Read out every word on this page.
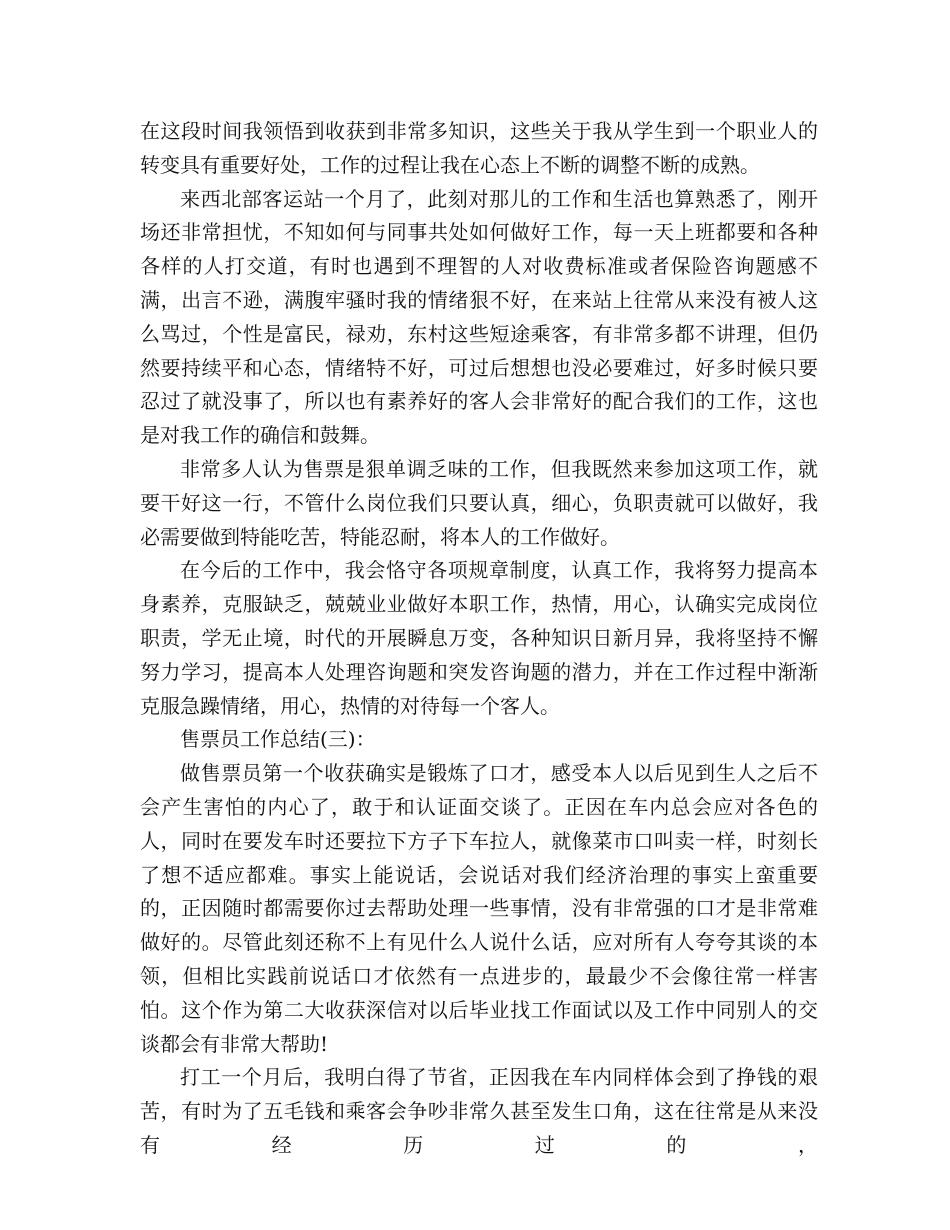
在这段时间我领悟到收获到非常多知识，这些关于我从学生到一个职业人的转变具有重要好处，工作的过程让我在心态上不断的调整不断的成熟。

来西北部客运站一个月了，此刻对那儿的工作和生活也算熟悉了，刚开场还非常担忧，不知如何与同事共处如何做好工作，每一天上班都要和各种各样的人打交道，有时也遇到不理智的人对收费标准或者保险咨询题感不满，出言不逊，满腹牢骚时我的情绪狠不好，在来站上往常从来没有被人这么骂过，个性是富民，禄劝，东村这些短途乘客，有非常多都不讲理，但仍然要持续平和心态，情绪特不好，可过后想想也没必要难过，好多时候只要忍过了就没事了，所以也有素养好的客人会非常好的配合我们的工作，这也是对我工作的确信和鼓舞。

非常多人认为售票是狠单调乏味的工作，但我既然来参加这项工作，就要干好这一行，不管什么岗位我们只要认真，细心，负职责就可以做好，我必需要做到特能吃苦，特能忍耐，将本人的工作做好。

在今后的工作中，我会恪守各项规章制度，认真工作，我将努力提高本身素养，克服缺乏，兢兢业业做好本职工作，热情，用心，认确实完成岗位职责，学无止境，时代的开展瞬息万变，各种知识日新月异，我将坚持不懈努力学习，提高本人处理咨询题和突发咨询题的潜力，并在工作过程中渐渐克服急躁情绪，用心，热情的对待每一个客人。

售票员工作总结(三)：

做售票员第一个收获确实是锻炼了口才，感受本人以后见到生人之后不会产生害怕的内心了，敢于和认证面交谈了。正因在车内总会应对各色的人，同时在要发车时还要拉下方子下车拉人，就像菜市口叫卖一样，时刻长了想不适应都难。事实上能说话，会说话对我们经济治理的事实上蛮重要的，正因随时都需要你过去帮助处理一些事情，没有非常强的口才是非常难做好的。尽管此刻还称不上有见什么人说什么话，应对所有人夸夸其谈的本领，但相比实践前说话口才依然有一点进步的，最最少不会像往常一样害怕。这个作为第二大收获深信对以后毕业找工作面试以及工作中同别人的交谈都会有非常大帮助!

打工一个月后，我明白得了节省，正因我在车内同样体会到了挣钱的艰苦，有时为了五毛钱和乘客会争吵非常久甚至发生口角，这在往常是从来没有经历过的，
